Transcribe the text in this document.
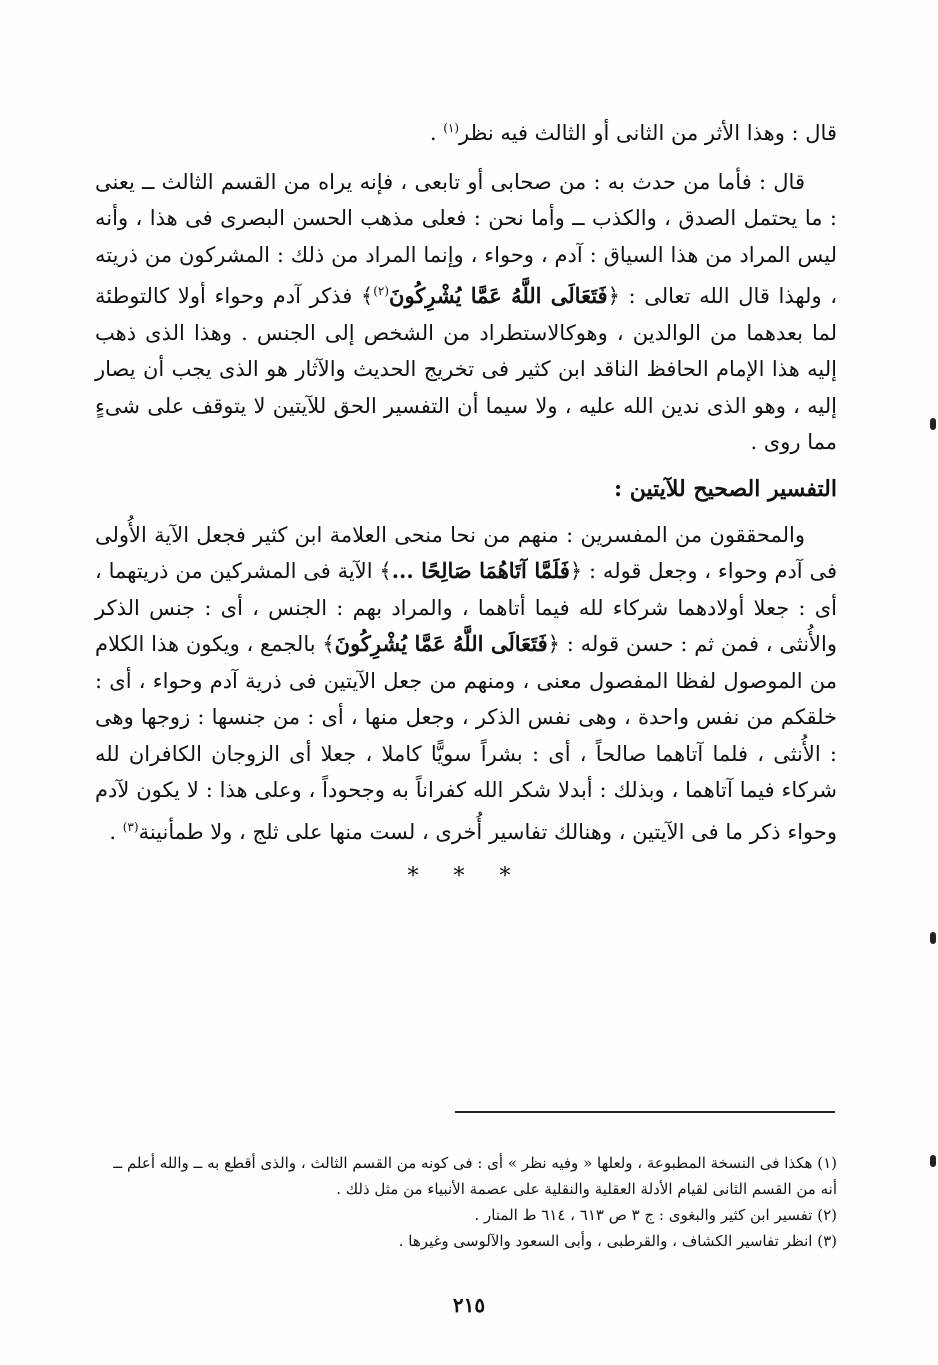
قال : وهذا الأثر من الثانى أو الثالث فيه نظر$^{(١)}$ .

قال : فأما من حدث به : من صحابى أو تابعى ، فإنه يراه من القسم الثالث ــ يعنى : ما يحتمل الصدق ، والكذب ــ وأما نحن : فعلى مذهب الحسن البصرى فى هذا ، وأنه ليس المراد من هذا السياق : آدم ، وحواء ، وإنما المراد من ذلك : المشركون من ذريته ، ولهذا قال الله تعالى : ﴿فَتَعَالَى اللَّهُ عَمَّا يُشْرِكُونَ$^{(٢)}$﴾ فذكر آدم وحواء أولا كالتوطئة لما بعدهما من الوالدين ، وهوكالاستطراد من الشخص إلى الجنس . وهذا الذى ذهب إليه هذا الإمام الحافظ الناقد ابن كثير فى تخريج الحديث والآثار هو الذى يجب أن يصار إليه ، وهو الذى ندين الله عليه ، ولا سيما أن التفسير الحق للآيتين لا يتوقف على شىءٍ مما روى .

التفسير الصحيح للآيتين :

والمحققون من المفسرين : منهم من نحا منحى العلامة ابن كثير فجعل الآية الأُولى فى آدم وحواء ، وجعل قوله : ﴿فَلَمَّا آتَاهُمَا صَالِحًا ...﴾ الآية فى المشركين من ذريتهما ، أى : جعلا أولادهما شركاء لله فيما أتاهما ، والمراد بهم : الجنس ، أى : جنس الذكر والأُنثى ، فمن ثم : حسن قوله : ﴿فَتَعَالَى اللَّهُ عَمَّا يُشْرِكُونَ﴾ بالجمع ، ويكون هذا الكلام من الموصول لفظا المفصول معنى ، ومنهم من جعل الآيتين فى ذرية آدم وحواء ، أى : خلقكم من نفس واحدة ، وهى نفس الذكر ، وجعل منها ، أى : من جنسها : زوجها وهى : الأُنثى ، فلما آتاهما صالحاً ، أى : بشراً سويًّا كاملا ، جعلا أى الزوجان الكافران لله شركاء فيما آتاهما ، وبذلك : أبدلا شكر الله كفراناً به وجحوداً ، وعلى هذا : لا يكون لآدم وحواء ذكر ما فى الآيتين ، وهنالك تفاسير أُخرى ، لست منها على ثلج ، ولا طمأنينة$^{(٣)}$ .

* * *

(١) هكذا فى النسخة المطبوعة ، ولعلها « وفيه نظر » أى : فى كونه من القسم الثالث ، والذى أقطع به ــ والله أعلم ــ أنه من القسم الثانى لقيام الأدلة العقلية والنقلية على عصمة الأنبياء من مثل ذلك .

(٢) تفسير ابن كثير والبغوى : ج ٣ ص ٦١٣ ، ٦١٤ ط المنار .

(٣) انظر تفاسير الكشاف ، والقرطبى ، وأبى السعود والآلوسى وغيرها .

٢١٥
